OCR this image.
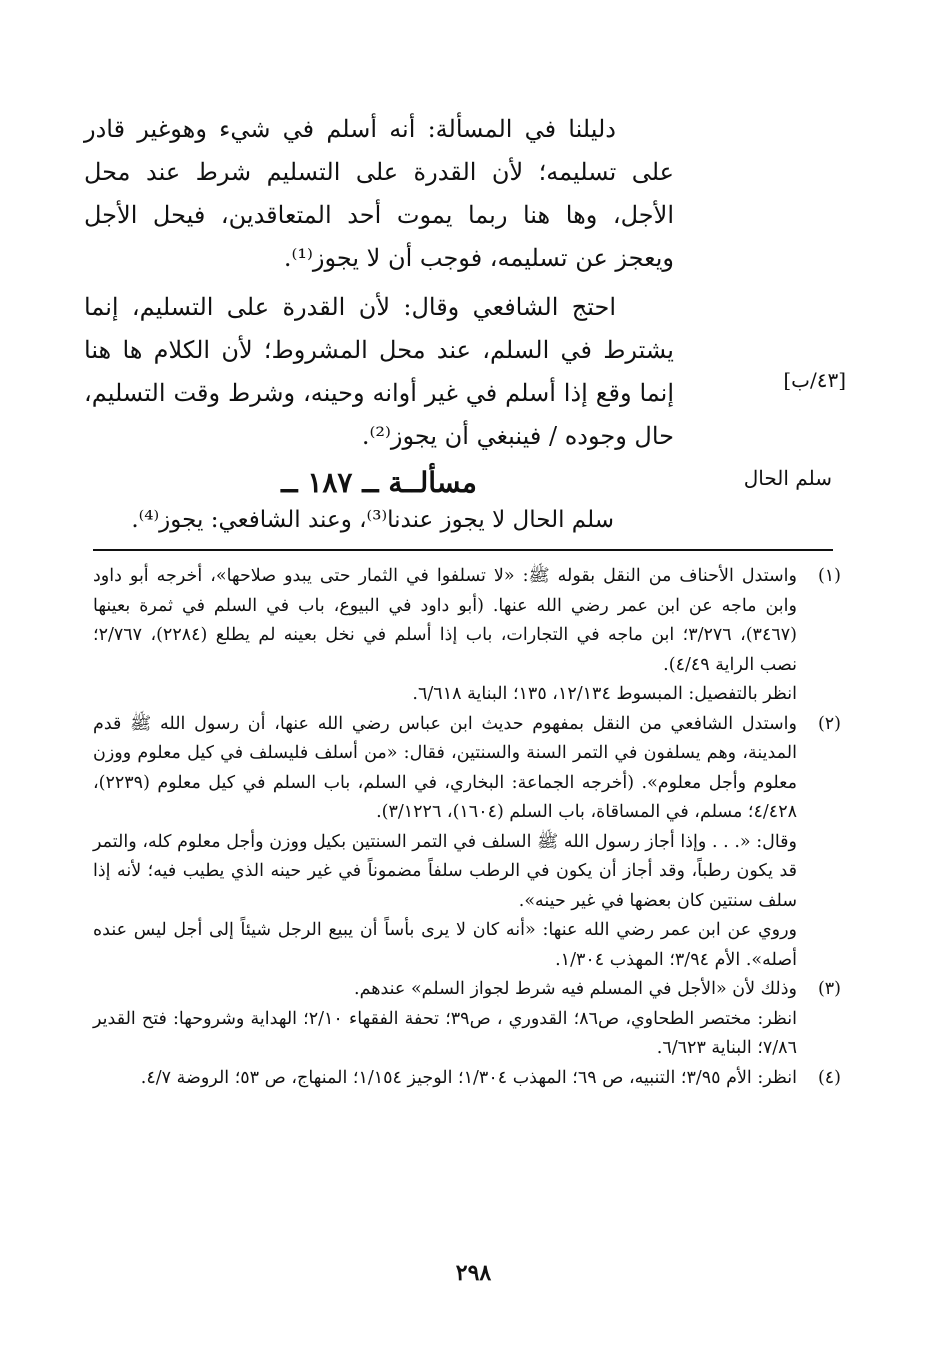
دليلنا في المسألة: أنه أسلم في شيء وهوغير قادر على تسليمه؛ لأن القدرة على التسليم شرط عند محل الأجل، وها هنا ربما يموت أحد المتعاقدين، فيحل الأجل ويعجز عن تسليمه، فوجب أن لا يجوز⁽¹⁾.

احتج الشافعي وقال: لأن القدرة على التسليم، إنما يشترط في السلم، عند محل المشروط؛ لأن الكلام ها هنا إنما وقع إذا أسلم في غير أوانه وحينه، وشرط وقت التسليم، حال وجوده / فينبغي أن يجوز⁽²⁾.

[٤٣/ب]
سلم الحال
مسألــة ــ ١٨٧ ــ
سلم الحال لا يجوز عندنا⁽³⁾، وعند الشافعي: يجوز⁽⁴⁾.
(١)

واستدل الأحناف من النقل بقوله ﷺ: «لا تسلفوا في الثمار حتى يبدو صلاحها»، أخرجه أبو داود وابن ماجه عن ابن عمر رضي الله عنها. (أبو داود في البيوع، باب في السلم في ثمرة بعينها (٣٤٦٧)، ٣/٢٧٦؛ ابن ماجه في التجارات، باب إذا أسلم في نخل بعينه لم يطلع (٢٢٨٤)، ٢/٧٦٧؛ نصب الراية ٤/٤٩).

انظر بالتفصيل: المبسوط ١٢/١٣٤، ١٣٥؛ البناية ٦/٦١٨.

(٢)

واستدل الشافعي من النقل بمفهوم حديث ابن عباس رضي الله عنها، أن رسول الله ﷺ قدم المدينة، وهم يسلفون في التمر السنة والسنتين، فقال: «من أسلف فليسلف في كيل معلوم ووزن معلوم وأجل معلوم». (أخرجه الجماعة: البخاري، في السلم، باب السلم في كيل معلوم (٢٢٣٩)، ٤/٤٢٨؛ مسلم، في المساقاة، باب السلم (١٦٠٤)، ٣/١٢٢٦).

وقال: «. . . وإذا أجاز رسول الله ﷺ السلف في التمر السنتين بكيل ووزن وأجل معلوم كله، والتمر قد يكون رطباً، وقد أجاز أن يكون في الرطب سلفاً مضموناً في غير حينه الذي يطيب فيه؛ لأنه إذا سلف سنتين كان بعضها في غير حينه».

وروي عن ابن عمر رضي الله عنها: «أنه كان لا يرى بأساً أن يبيع الرجل شيئاً إلى أجل ليس عنده أصله». الأم ٣/٩٤؛ المهذب ١/٣٠٤.

(٣)

وذلك لأن «الأجل في المسلم فيه شرط لجواز السلم» عندهم.

انظر: مختصر الطحاوي، ص٨٦؛ القدوري ، ص٣٩؛ تحفة الفقهاء ٢/١٠؛ الهداية وشروحها: فتح القدير ٧/٨٦؛ البناية ٦/٦٢٣.

(٤)

انظر: الأم ٣/٩٥؛ التنبيه، ص ٦٩؛ المهذب ١/٣٠٤؛ الوجيز ١/١٥٤؛ المنهاج، ص ٥٣؛ الروضة ٤/٧.

٢٩٨
